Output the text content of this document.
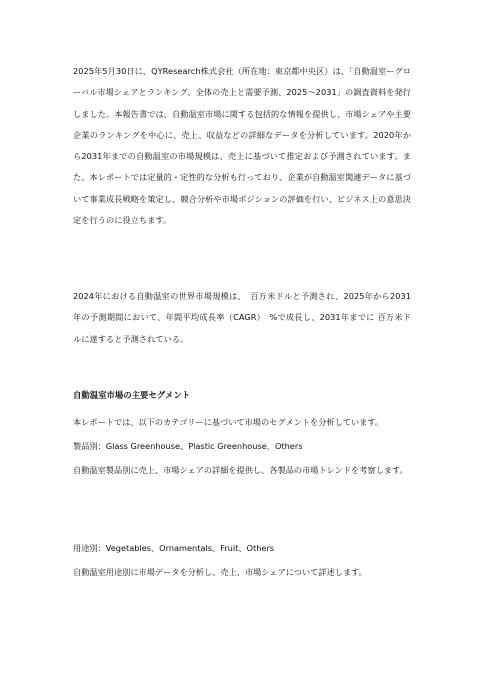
2025年5月30日に、QYResearch株式会社（所在地：東京都中央区）は、「自動温室ーグローバル市場シェアとランキング、全体の売上と需要予測、2025～2031」の調査資料を発行しました。本報告書では、自動温室市場に関する包括的な情報を提供し、市場シェアや主要企業のランキングを中心に、売上、収益などの詳細なデータを分析しています。2020年から2031年までの自動温室の市場規模は、売上に基づいて推定および予測されています。また、本レポートでは定量的・定性的な分析も行っており、企業が自動温室関連データに基づいて事業成長戦略を策定し、競合分析や市場ポジションの評価を行い、ビジネス上の意思決定を行うのに役立ちます。

2024年における自動温室の世界市場規模は、　百万米ドルと予測され、2025年から2031年の予測期間において、年間平均成長率（CAGR）　%で成長し、2031年までに 百万米ドルに達すると予測されている。

自動温室市場の主要セグメント

本レポートでは、以下のカテゴリーに基づいて市場のセグメントを分析しています。

製品別：Glass Greenhouse、Plastic Greenhouse、Others

自動温室製品別に売上、市場シェアの詳細を提供し、各製品の市場トレンドを考察します。

用途別：Vegetables、Ornamentals、Fruit、Others

自動温室用途別に市場データを分析し、売上、市場シェアについて詳述します。
